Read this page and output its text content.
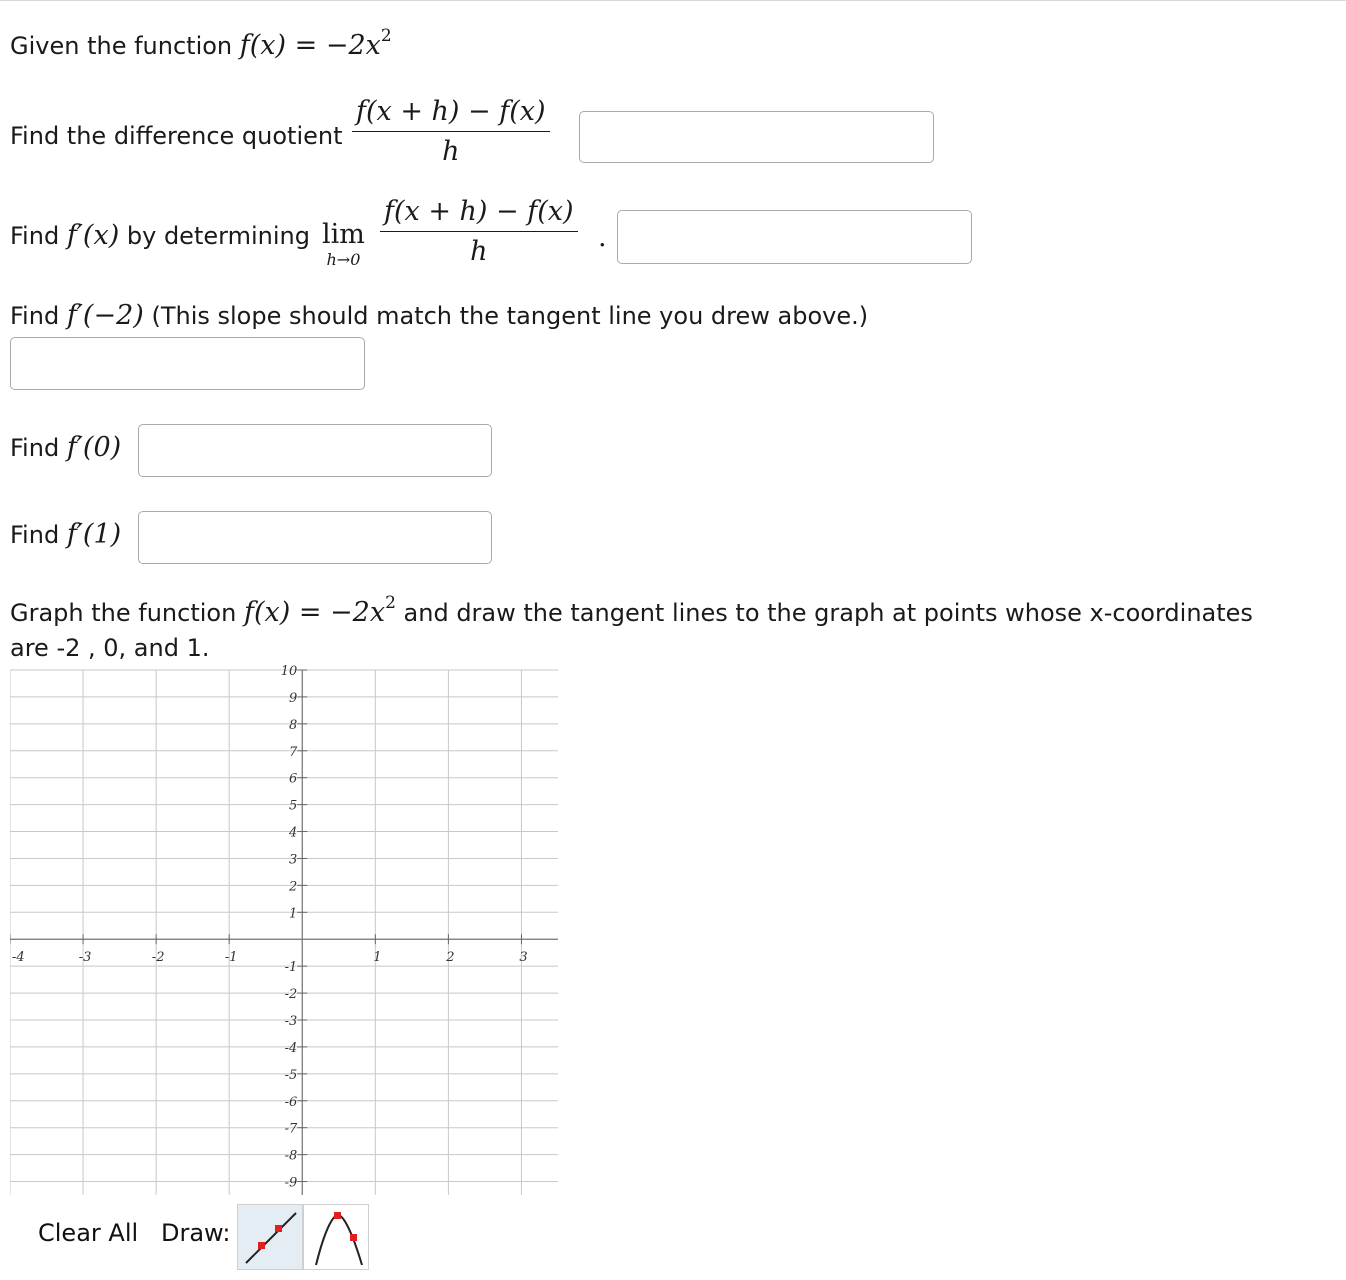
Given the function $f(x) = -2x^2$
Find the difference quotient $\frac{f(x + h) - f(x)}{h}$
Find f′(x) by determining lim
$h\to 0 \frac{f(x + h) - f(x)}{h}$ .
Find f′(−2) (This slope should match the tangent line you drew above.)
Find f′(0)
Find f′(1)
Graph the function $f(x) = -2x^2$ and draw the tangent lines to the graph at points whose x-coordinates
are -2 , 0, and 1.
-4	-3	-2	-1	1	2	3
10
9
8
7
6
5
4
3
2
1
-1
-2
-3
-4
-5
-6
-7
-8
-9
Clear All Draw:
